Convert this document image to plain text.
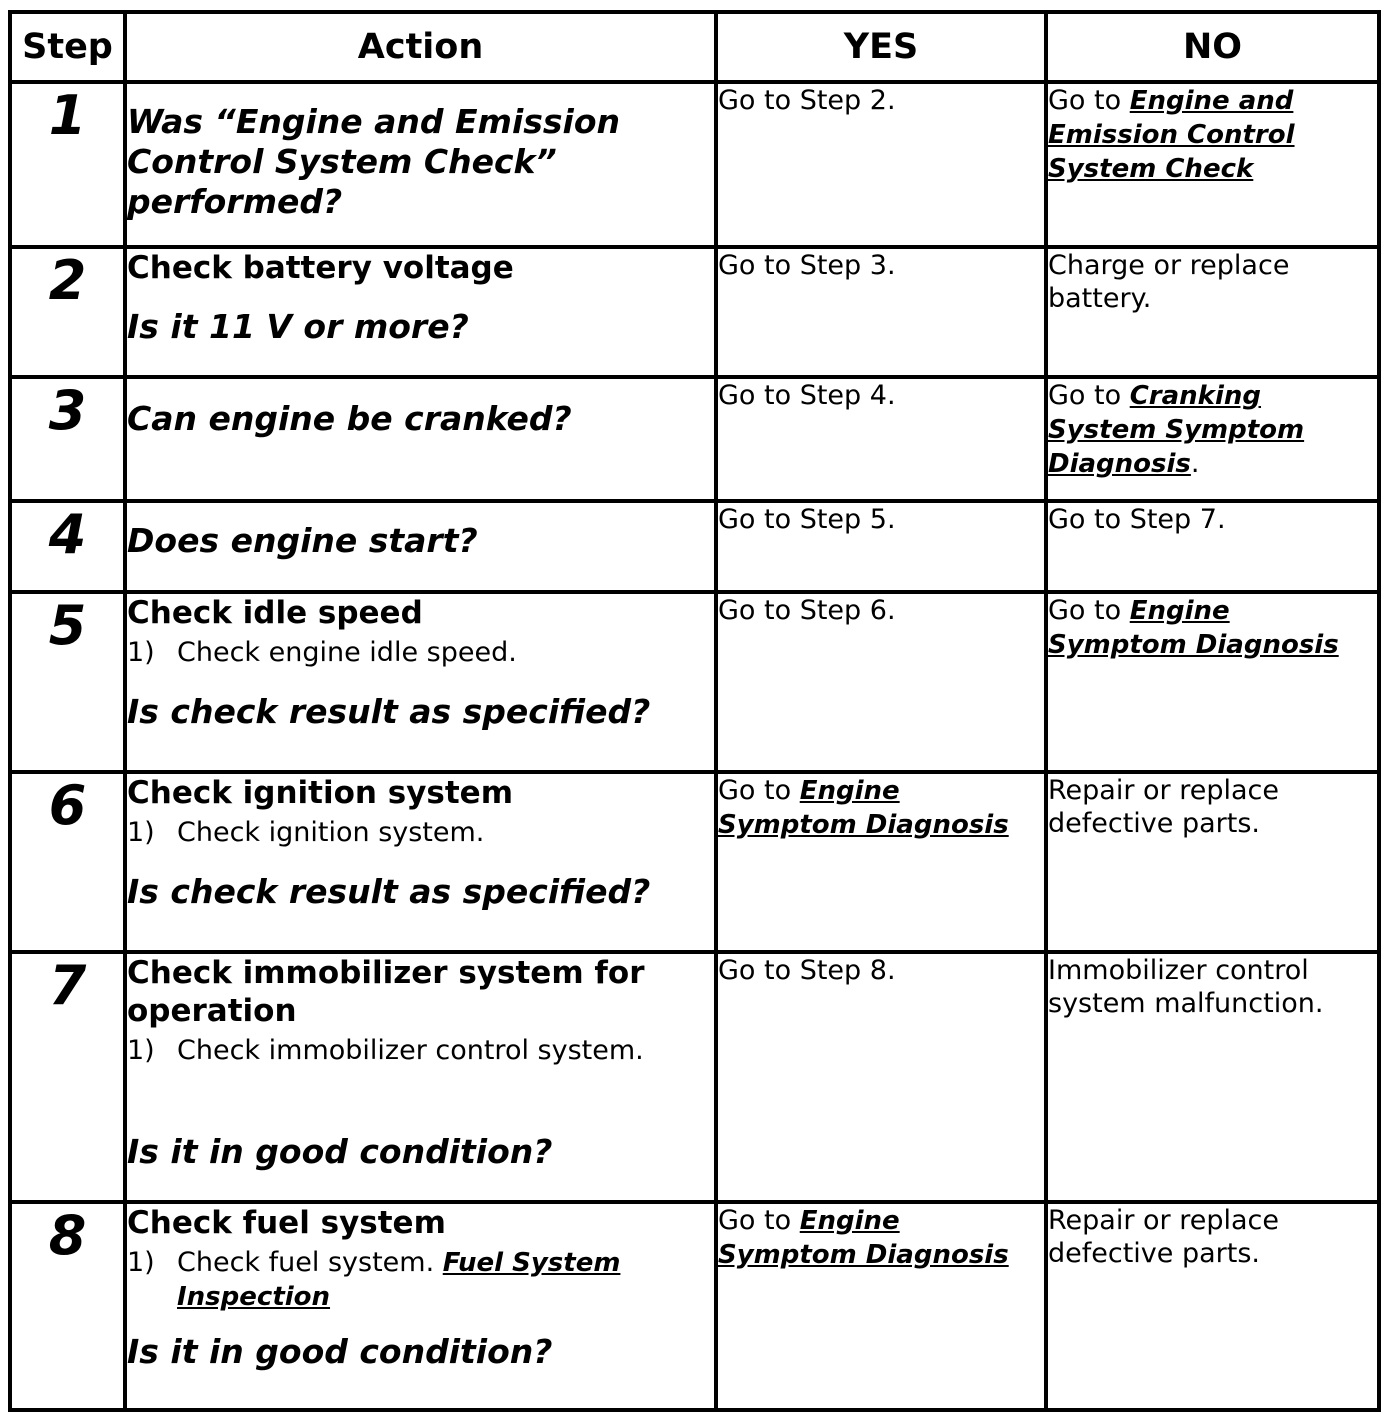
Step	Action	YES	NO
1	Was “Engine and Emission Control System Check” performed?	Go to Step 2.	Go to Engine and Emission Control System Check
2	Check battery voltage
Is it 11 V or more?	Go to Step 3.	Charge or replace battery.
3	Can engine be cranked?	Go to Step 4.	Go to Cranking System Symptom Diagnosis.
4	Does engine start?	Go to Step 5.	Go to Step 7.
5	Check idle speed
1) Check engine idle speed.
Is check result as specified?	Go to Step 6.	Go to Engine Symptom Diagnosis
6	Check ignition system
1) Check ignition system.
Is check result as specified?	Go to Engine Symptom Diagnosis	Repair or replace defective parts.
7	Check immobilizer system for operation
1) Check immobilizer control system.
Is it in good condition?	Go to Step 8.	Immobilizer control system malfunction.
8	Check fuel system
1) Check fuel system. Fuel System Inspection
Is it in good condition?	Go to Engine Symptom Diagnosis	Repair or replace defective parts.
